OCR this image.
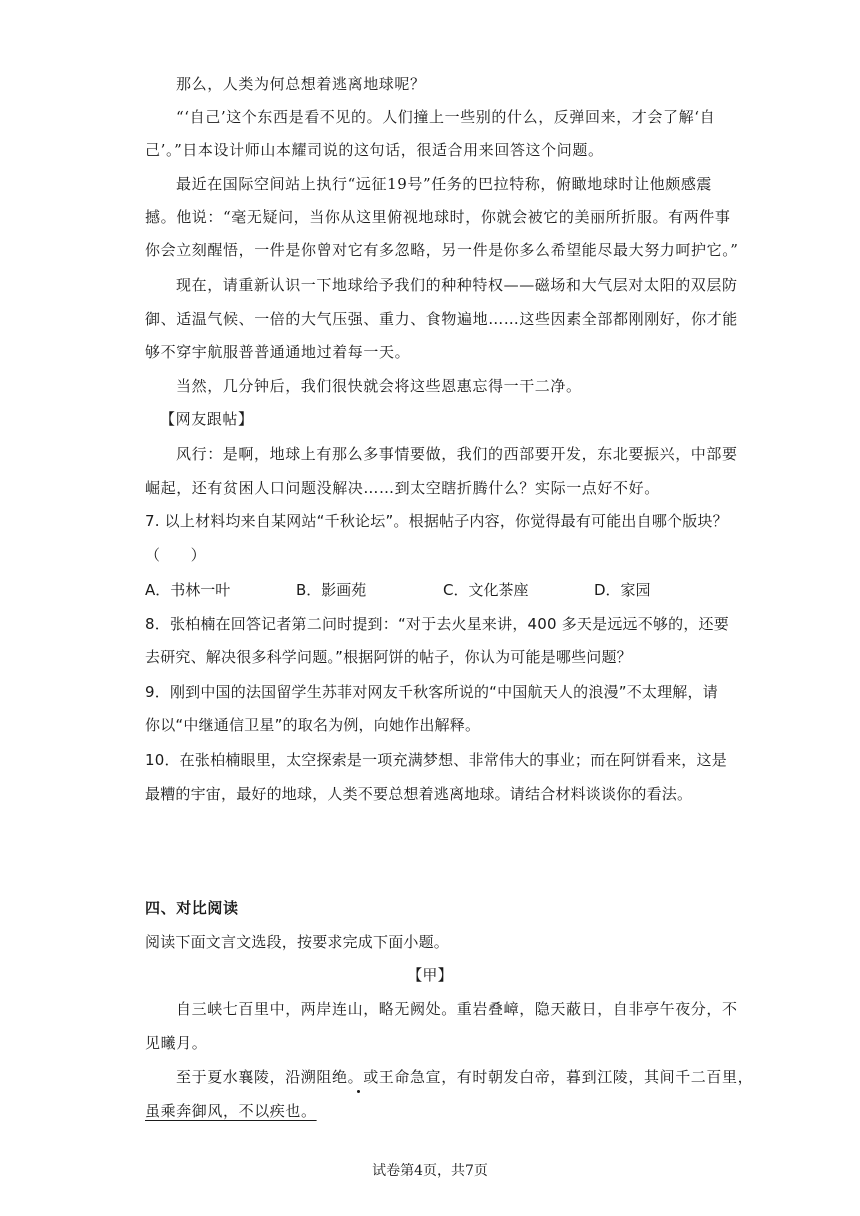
那么，人类为何总想着逃离地球呢？
“‘自己’这个东西是看不见的。人们撞上一些别的什么，反弹回来，才会了解‘自
己’。”日本设计师山本耀司说的这句话，很适合用来回答这个问题。
最近在国际空间站上执行“远征19号”任务的巴拉特称，俯瞰地球时让他颇感震
撼。他说：“毫无疑问，当你从这里俯视地球时，你就会被它的美丽所折服。有两件事
你会立刻醒悟，一件是你曾对它有多忽略，另一件是你多么希望能尽最大努力呵护它。”
现在，请重新认识一下地球给予我们的种种特权——磁场和大气层对太阳的双层防
御、适温气候、一倍的大气压强、重力、食物遍地……这些因素全部都刚刚好，你才能
够不穿宇航服普普通通地过着每一天。
当然，几分钟后，我们很快就会将这些恩惠忘得一干二净。
【网友跟帖】
风行：是啊，地球上有那么多事情要做，我们的西部要开发，东北要振兴，中部要
崛起，还有贫困人口问题没解决……到太空瞎折腾什么？实际一点好不好。
7. 以上材料均来自某网站“千秋论坛”。根据帖子内容，你觉得最有可能出自哪个版块？
（　　）
A．书林一叶	B．影画苑	C．文化茶座	D．家园
8．张柏楠在回答记者第二问时提到：“对于去火星来讲，400 多天是远远不够的，还要
去研究、解决很多科学问题。”根据阿饼的帖子，你认为可能是哪些问题？
9．刚到中国的法国留学生苏菲对网友千秋客所说的“中国航天人的浪漫”不太理解，请
你以“中继通信卫星”的取名为例，向她作出解释。
10．在张柏楠眼里，太空探索是一项充满梦想、非常伟大的事业；而在阿饼看来，这是
最糟的宇宙，最好的地球，人类不要总想着逃离地球。请结合材料谈谈你的看法。
四、对比阅读
阅读下面文言文选段，按要求完成下面小题。
【甲】
自三峡七百里中，两岸连山，略无阙处。重岩叠嶂，隐天蔽日，自非亭午夜分，不
见曦月。
至于夏水襄陵，沿溯阻绝。或王命急宣，有时朝发白帝，暮到江陵，其间千二百里，
虽乘奔御风，不以疾也。
试卷第4页，共7页
